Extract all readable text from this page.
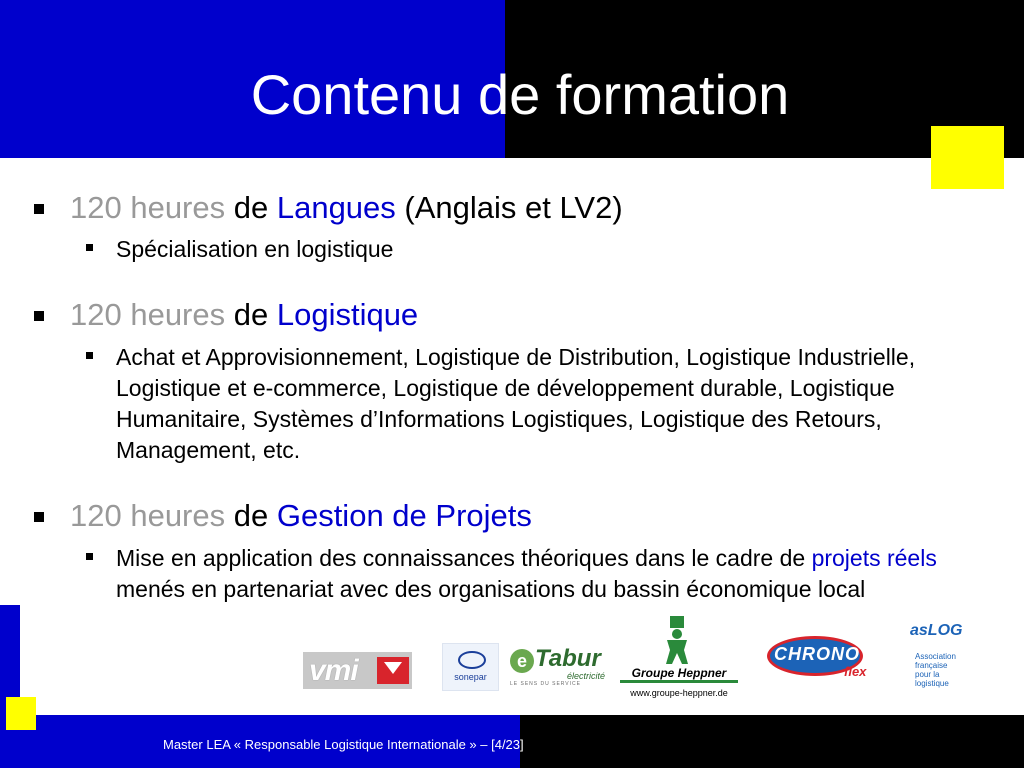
Contenu de formation
120 heures de Langues (Anglais et LV2)
Spécialisation en logistique
120 heures de Logistique
Achat et Approvisionnement, Logistique de Distribution, Logistique Industrielle, Logistique et e-commerce, Logistique de développement durable, Logistique Humanitaire, Systèmes d’Informations Logistiques, Logistique des Retours, Management, etc.
120 heures de Gestion de Projets
Mise en application des connaissances théoriques dans le cadre de projets réels menés en partenariat avec des organisations du bassin économique local
vmi	sonepar
e Tabur
électricité
LE SENS DU SERVICE
Groupe Heppner
www.groupe-heppner.de
CHRONO
flex
asLOG
Association française pour la logistique
Master LEA « Responsable Logistique Internationale » – [4/23]
